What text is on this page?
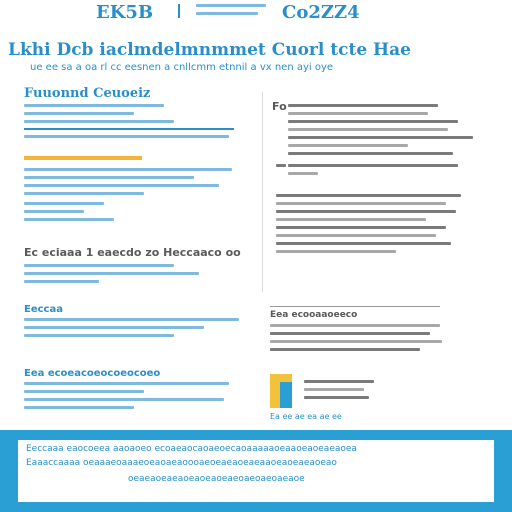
EK5B	Co2ZZ4
Lkhi Dcb iaclmdelmnmmet Cuorl tcte Hae
ue ee sa a oa rl cc eesnen a cnllcmm etnnil a vx nen ayi oye
Fuuonnd Ceuoeiz
Ec eciaaa 1 eaecdo zo Heccaaco oo
Eeccaa
Eea ecoeacoeocoeocoeo
Fo
Eea ecooaaoeeco
Ea ee ae ea ae ee
Eeccaaa eaocoeea aaoaoeo ecoaeaocaoaeoecaoaaaaaoeaaoeaoeaeaoea
Eaaaccaaaa oeaaaeoaaaeoeaoaeaoooaeoeaeaoeaeaaoeaoeaeaoeao
oeaeaoeaeaoeaoeaoeaeoaeoaeoaeaoe
